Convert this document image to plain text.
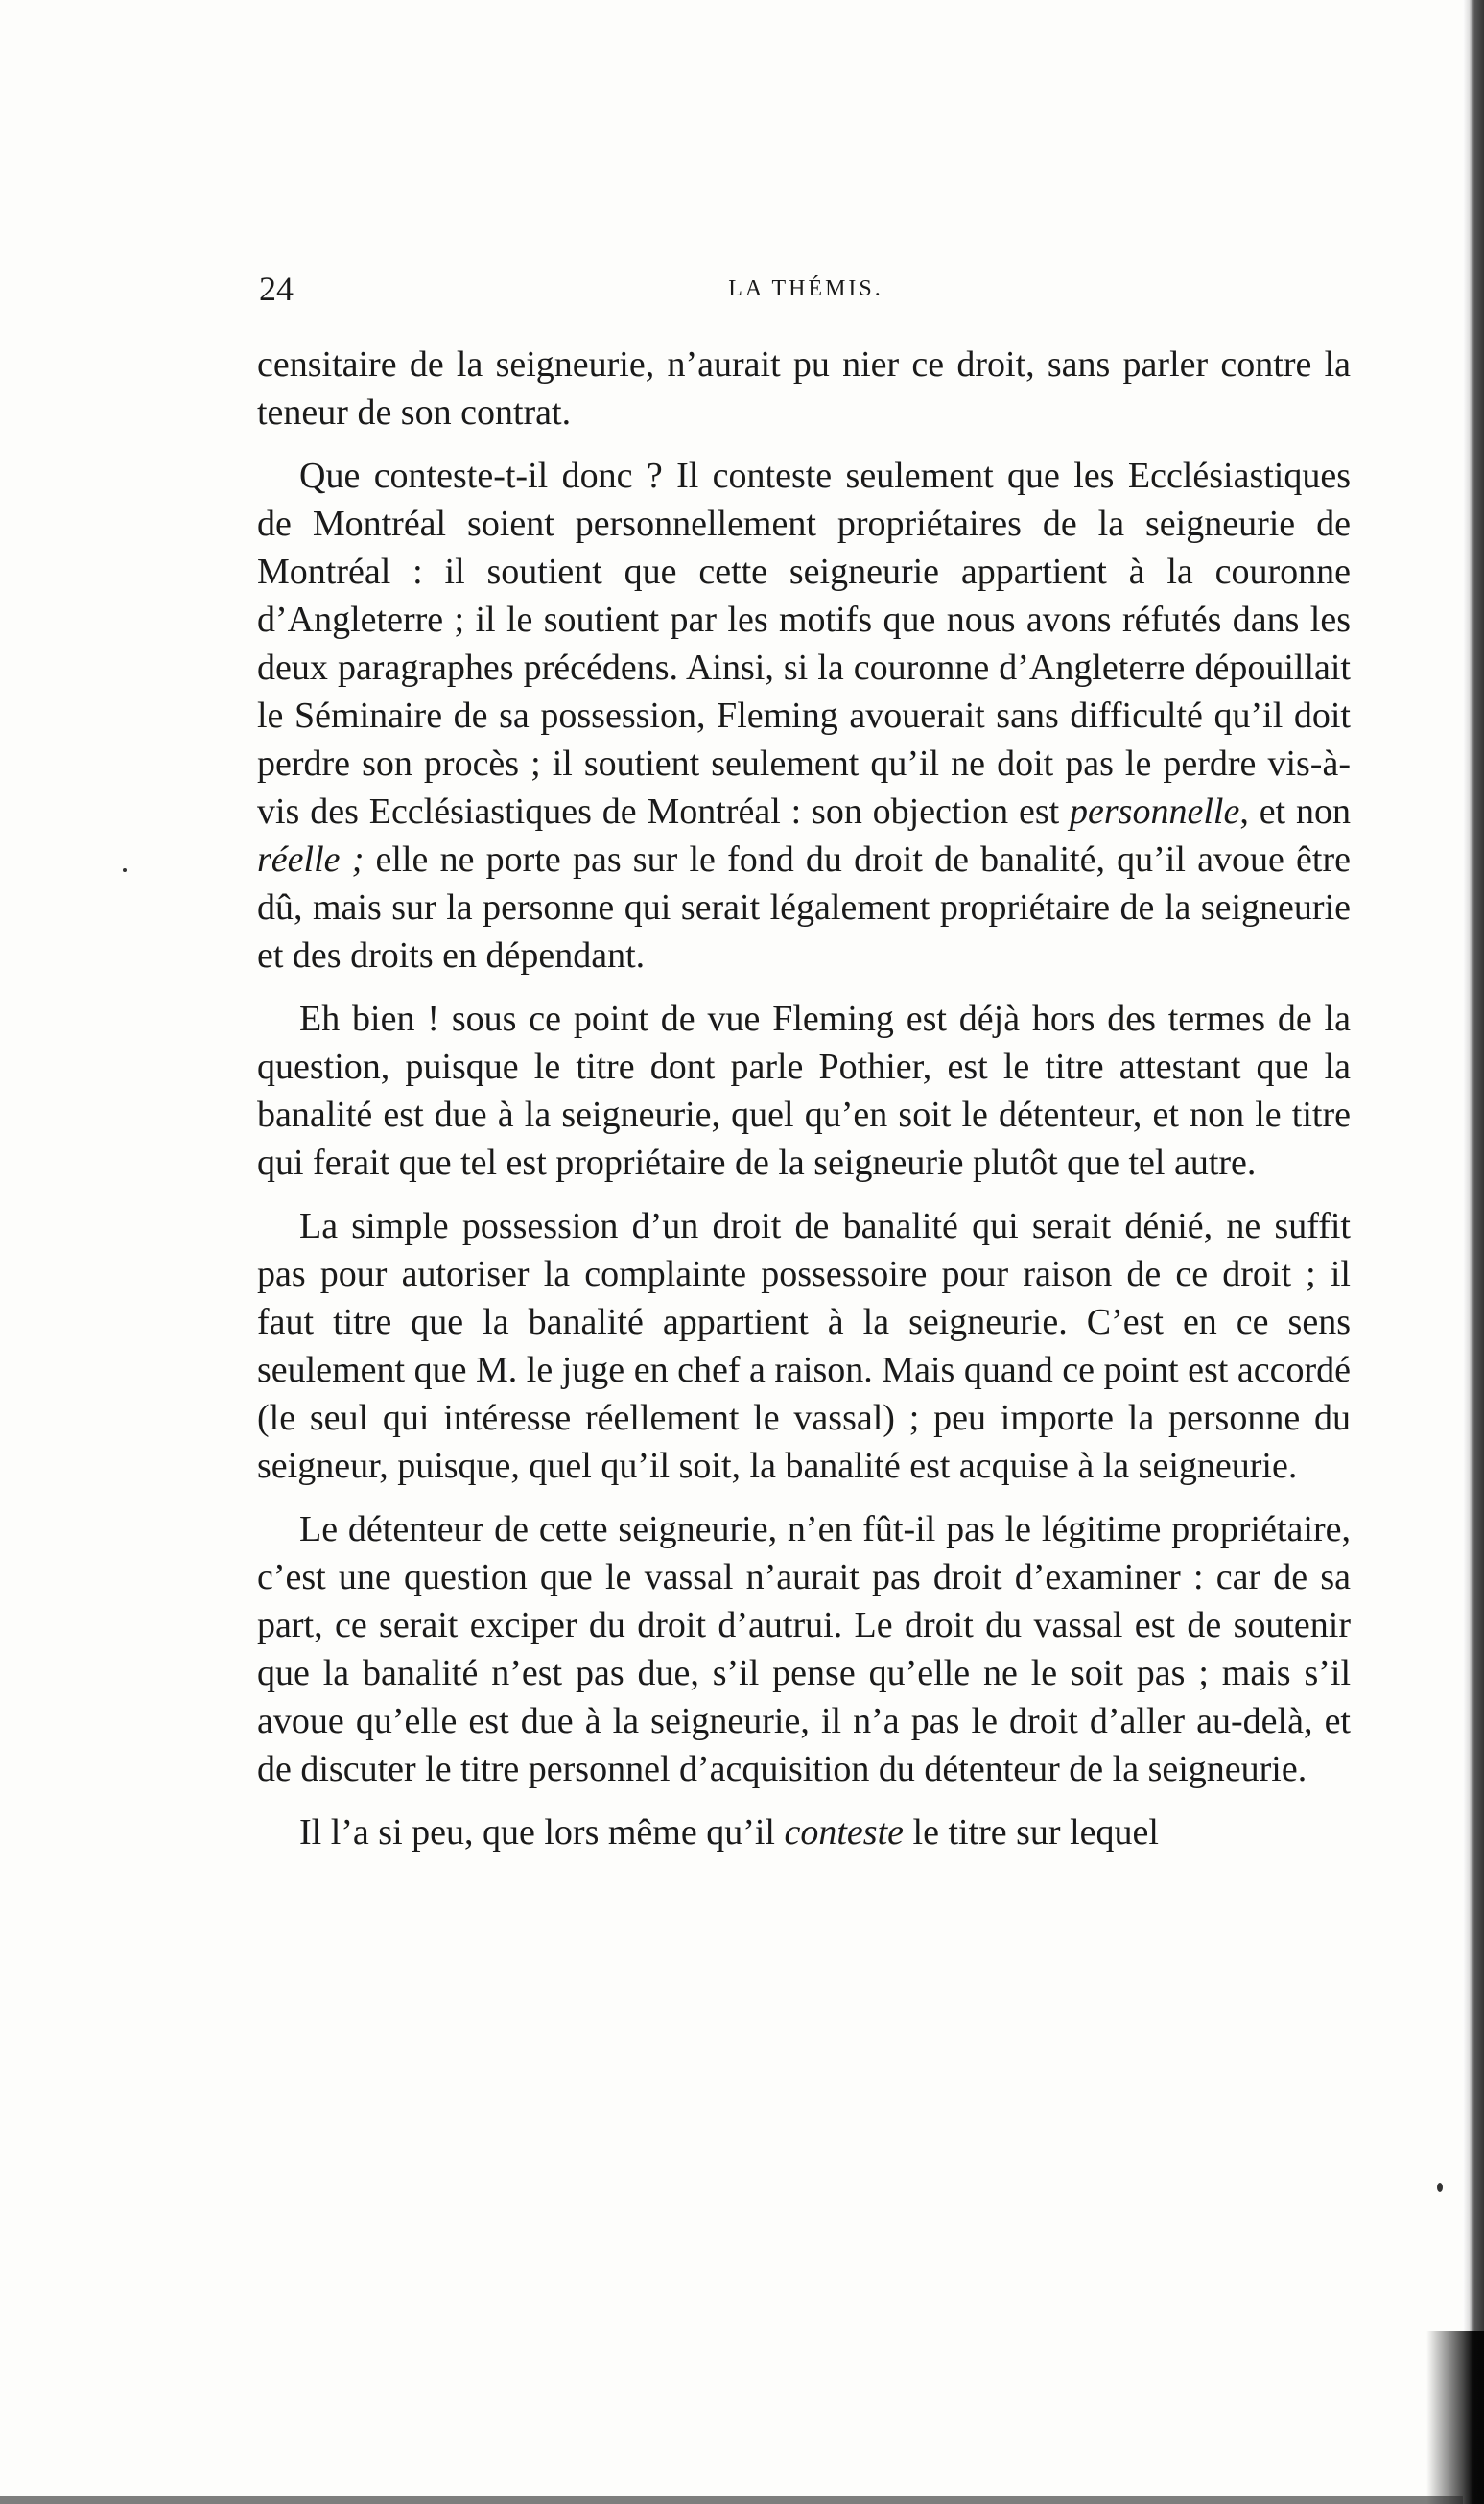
24	LA THÉMIS.

censitaire de la seigneurie, n’aurait pu nier ce droit, sans parler contre la teneur de son contrat.

Que conteste-t-il donc ? Il conteste seulement que les Ecclésiastiques de Montréal soient personnellement propriétaires de la seigneurie de Montréal : il soutient que cette seigneurie appartient à la couronne d’Angleterre ; il le soutient par les motifs que nous avons réfutés dans les deux paragraphes précédens. Ainsi, si la couronne d’Angleterre dépouillait le Séminaire de sa possession, Fleming avouerait sans difficulté qu’il doit perdre son procès ; il soutient seulement qu’il ne doit pas le perdre vis-à-vis des Ecclésiastiques de Montréal : son objection est personnelle, et non réelle ; elle ne porte pas sur le fond du droit de banalité, qu’il avoue être dû, mais sur la personne qui serait légalement propriétaire de la seigneurie et des droits en dépendant.

Eh bien ! sous ce point de vue Fleming est déjà hors des termes de la question, puisque le titre dont parle Pothier, est le titre attestant que la banalité est due à la seigneurie, quel qu’en soit le détenteur, et non le titre qui ferait que tel est propriétaire de la seigneurie plutôt que tel autre.

La simple possession d’un droit de banalité qui serait dénié, ne suffit pas pour autoriser la complainte possessoire pour raison de ce droit ; il faut titre que la banalité appartient à la seigneurie. C’est en ce sens seulement que M. le juge en chef a raison. Mais quand ce point est accordé (le seul qui intéresse réellement le vassal) ; peu importe la personne du seigneur, puisque, quel qu’il soit, la banalité est acquise à la seigneurie.

Le détenteur de cette seigneurie, n’en fût-il pas le légitime propriétaire, c’est une question que le vassal n’aurait pas droit d’examiner : car de sa part, ce serait exciper du droit d’autrui. Le droit du vassal est de soutenir que la banalité n’est pas due, s’il pense qu’elle ne le soit pas ; mais s’il avoue qu’elle est due à la seigneurie, il n’a pas le droit d’aller au-delà, et de discuter le titre personnel d’acquisition du détenteur de la seigneurie.

Il l’a si peu, que lors même qu’il conteste le titre sur lequel
